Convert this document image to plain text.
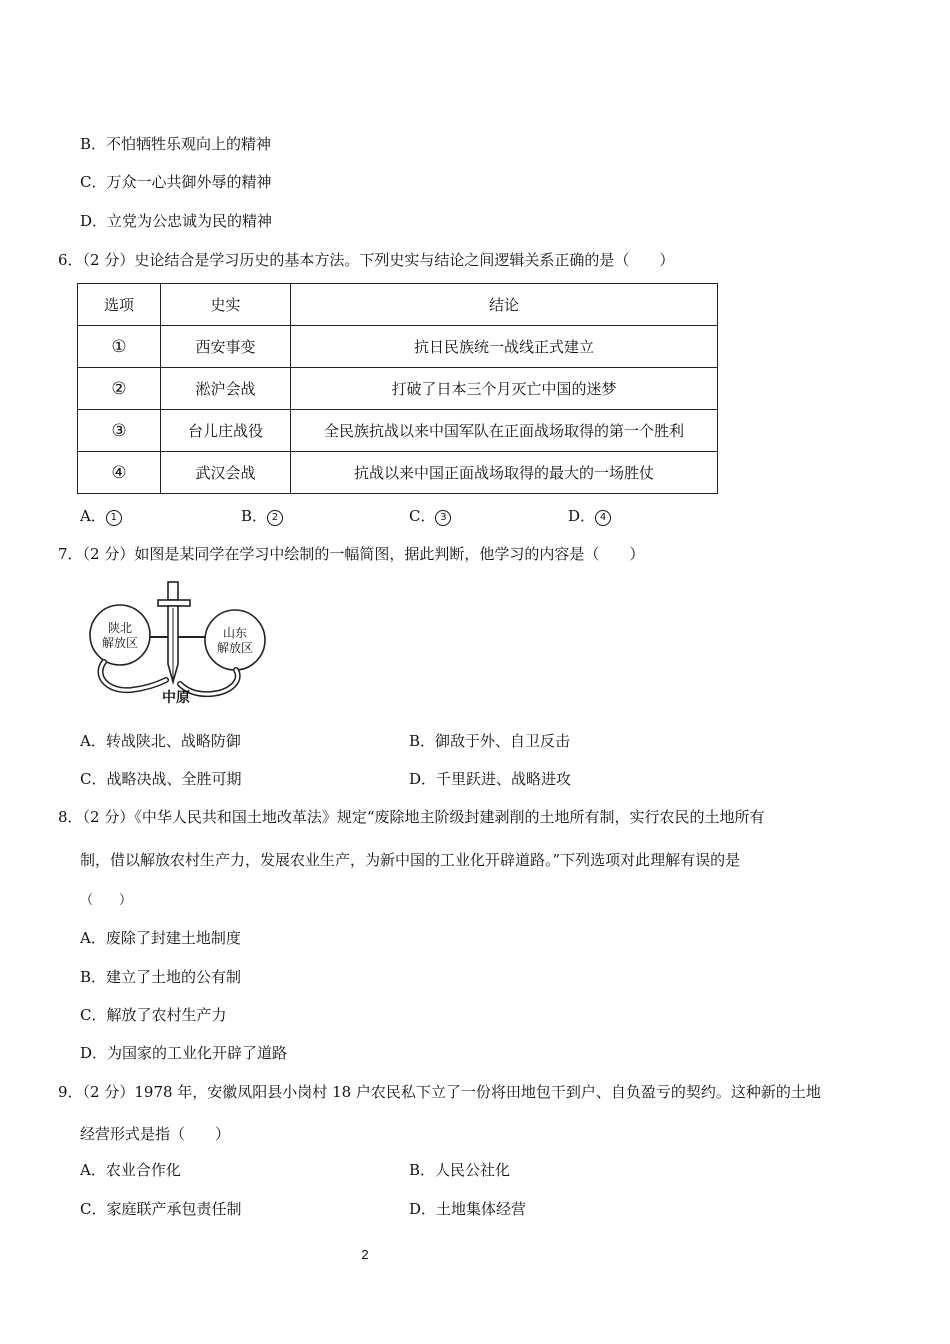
B．不怕牺牲乐观向上的精神
C．万众一心共御外辱的精神
D．立党为公忠诚为民的精神
6．（2 分）史论结合是学习历史的基本方法。下列史实与结论之间逻辑关系正确的是（　　）
选项	史实	结论
①	西安事变	抗日民族统一战线正式建立
②	淞沪会战	打破了日本三个月灭亡中国的迷梦
③	台儿庄战役	全民族抗战以来中国军队在正面战场取得的第一个胜利
④	武汉会战	抗战以来中国正面战场取得的最大的一场胜仗
A． 1	B． 2	C． 3	D． 4
7．（2 分）如图是某同学在学习中绘制的一幅简图，据此判断，他学习的内容是（　　）
陕北
解放区
山东
解放区
中原
A．转战陕北、战略防御	B．御敌于外、自卫反击
C．战略决战、全胜可期	D．千里跃进、战略进攻
8．（2 分）《中华人民共和国土地改革法》规定“废除地主阶级封建剥削的土地所有制，实行农民的土地所有
制，借以解放农村生产力，发展农业生产，为新中国的工业化开辟道路。”下列选项对此理解有误的是
（　　）
A．废除了封建土地制度
B．建立了土地的公有制
C．解放了农村生产力
D．为国家的工业化开辟了道路
9．（2 分）1978 年，安徽凤阳县小岗村 18 户农民私下立了一份将田地包干到户、自负盈亏的契约。这种新的土地
经营形式是指（　　）
A．农业合作化	B．人民公社化
C．家庭联产承包责任制	D．土地集体经营
2
